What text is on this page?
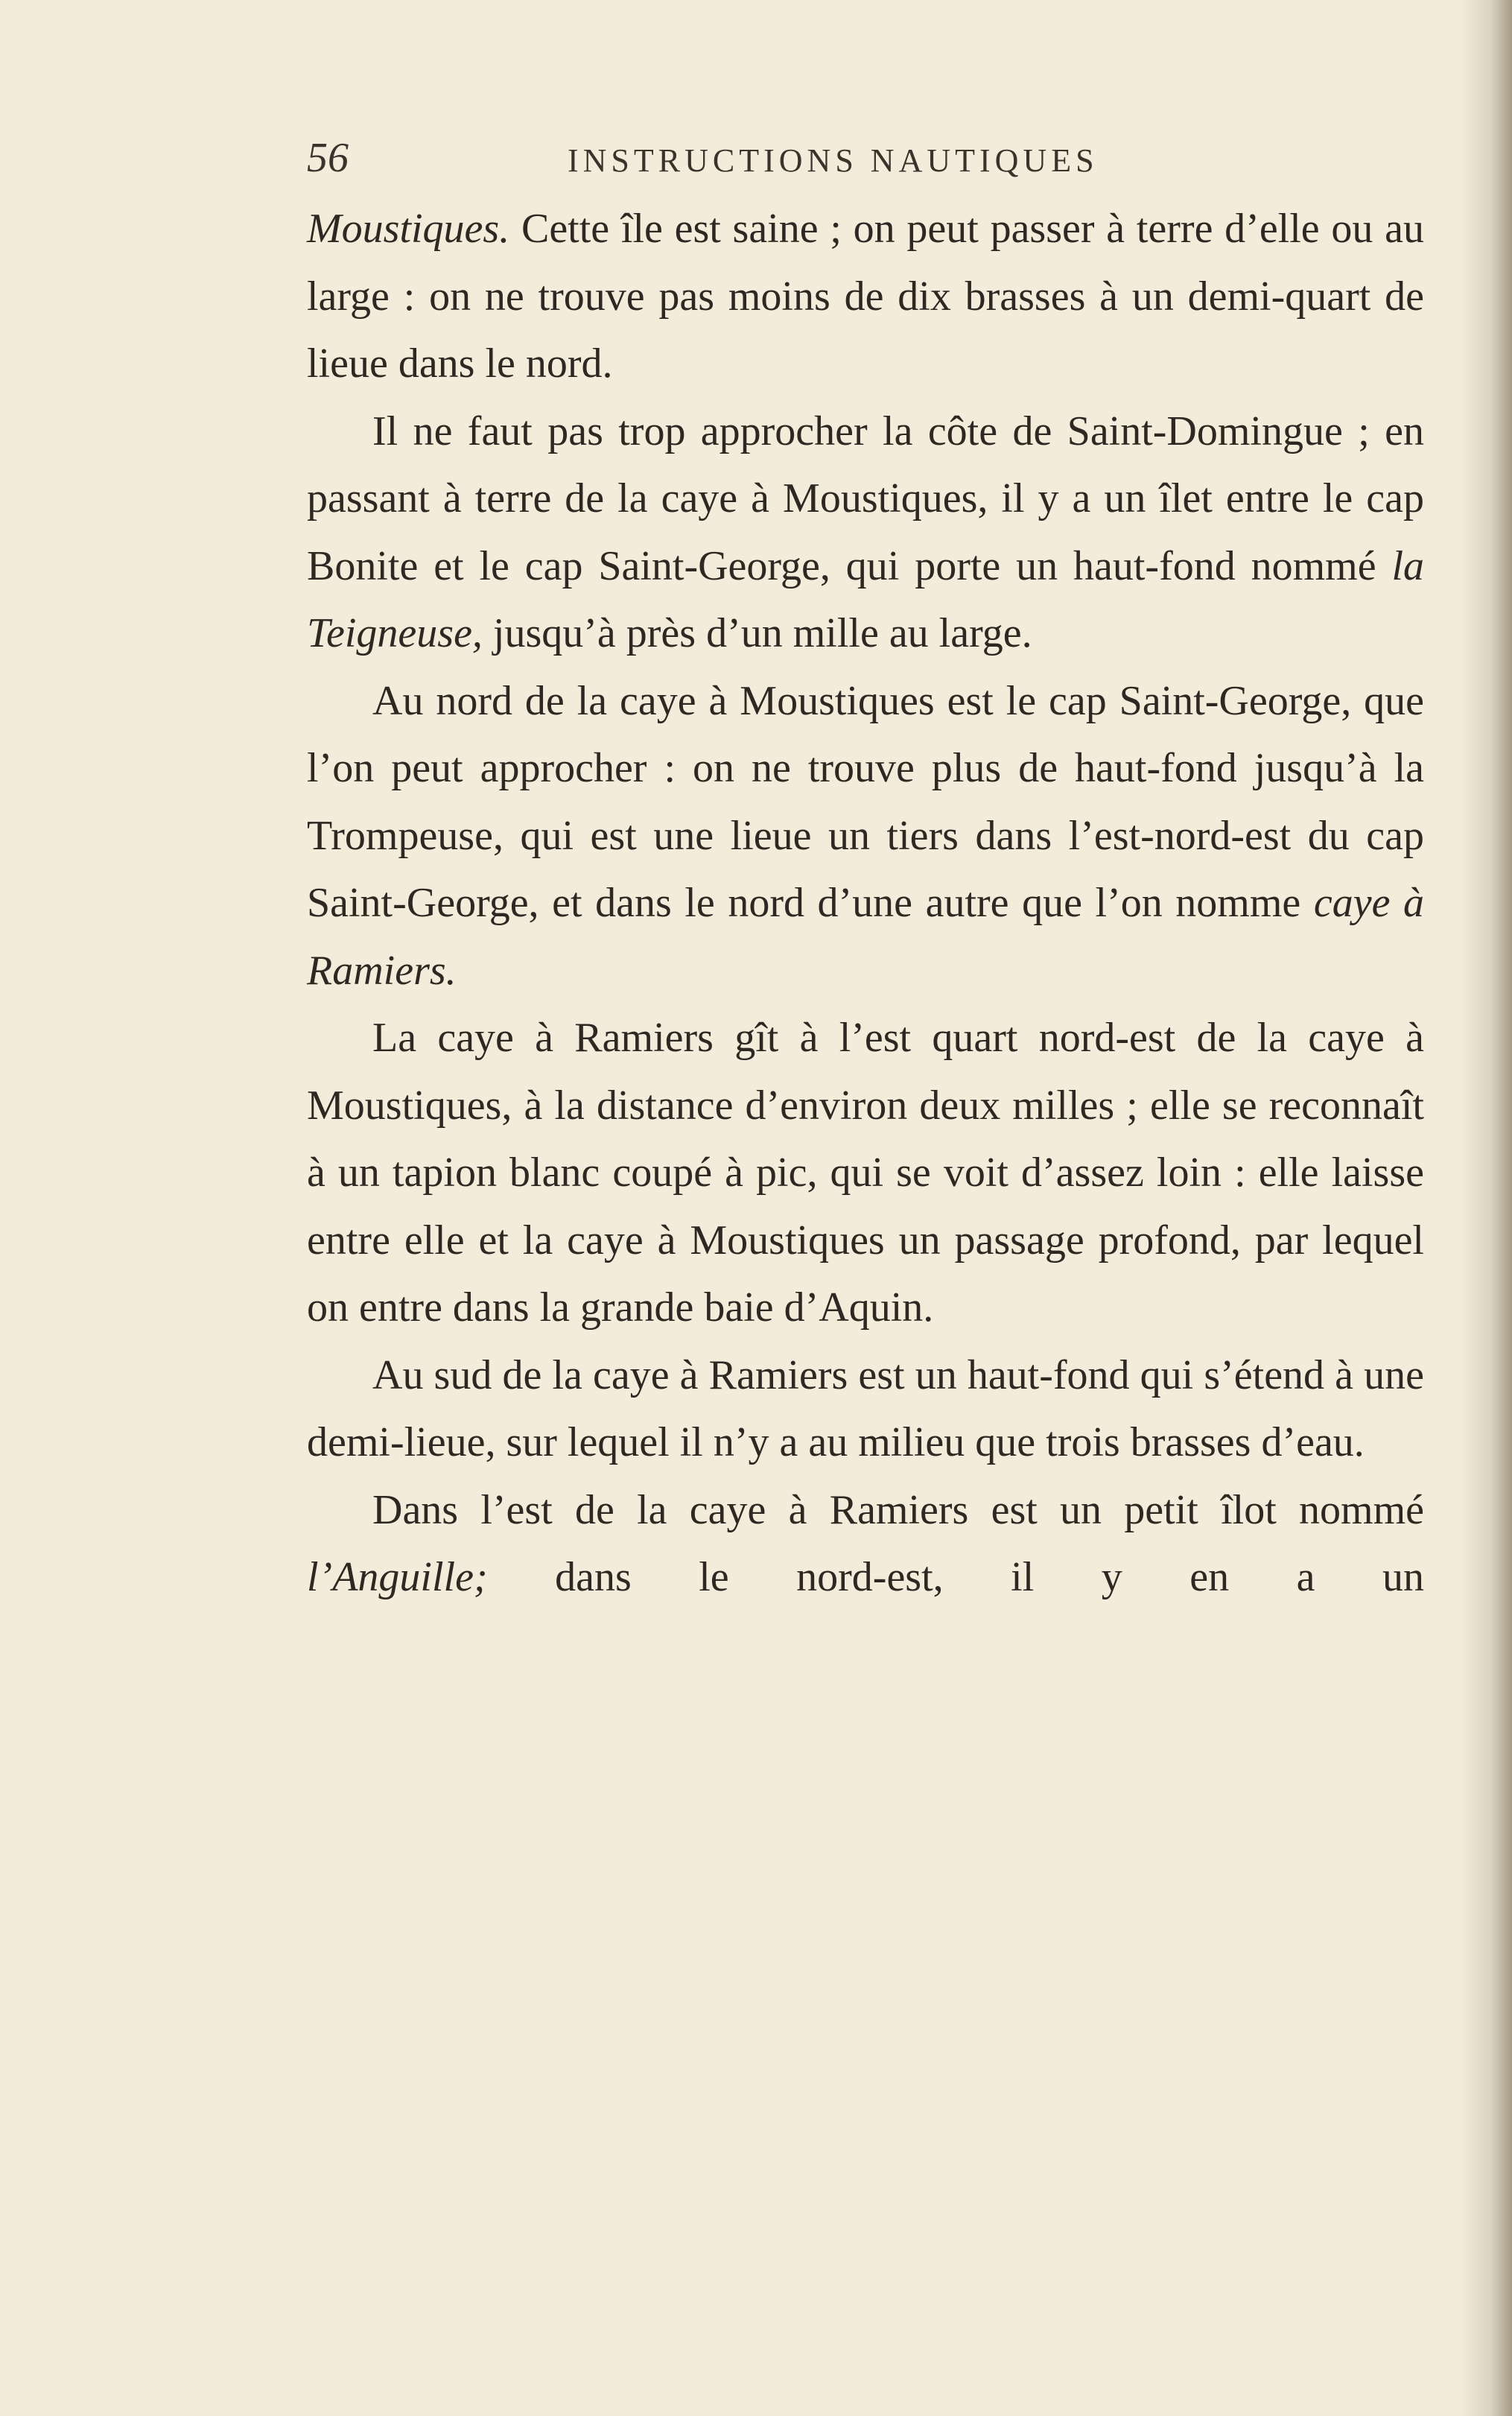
56	INSTRUCTIONS NAUTIQUES

Moustiques. Cette île est saine ; on peut passer à terre d’elle ou au large : on ne trouve pas moins de dix brasses à un demi-quart de lieue dans le nord.

Il ne faut pas trop approcher la côte de Saint-Domingue ; en passant à terre de la caye à Moustiques, il y a un îlet entre le cap Bonite et le cap Saint-George, qui porte un haut-fond nommé la Teigneuse, jusqu’à près d’un mille au large.

Au nord de la caye à Moustiques est le cap Saint-George, que l’on peut approcher : on ne trouve plus de haut-fond jusqu’à la Trompeuse, qui est une lieue un tiers dans l’est-nord-est du cap Saint-George, et dans le nord d’une autre que l’on nomme caye à Ramiers.

La caye à Ramiers gît à l’est quart nord-est de la caye à Moustiques, à la distance d’environ deux milles ; elle se reconnaît à un tapion blanc coupé à pic, qui se voit d’assez loin : elle laisse entre elle et la caye à Moustiques un passage profond, par lequel on entre dans la grande baie d’Aquin.

Au sud de la caye à Ramiers est un haut-fond qui s’étend à une demi-lieue, sur lequel il n’y a au milieu que trois brasses d’eau.

Dans l’est de la caye à Ramiers est un petit îlot nommé l’Anguille; dans le nord-est, il y en a un
